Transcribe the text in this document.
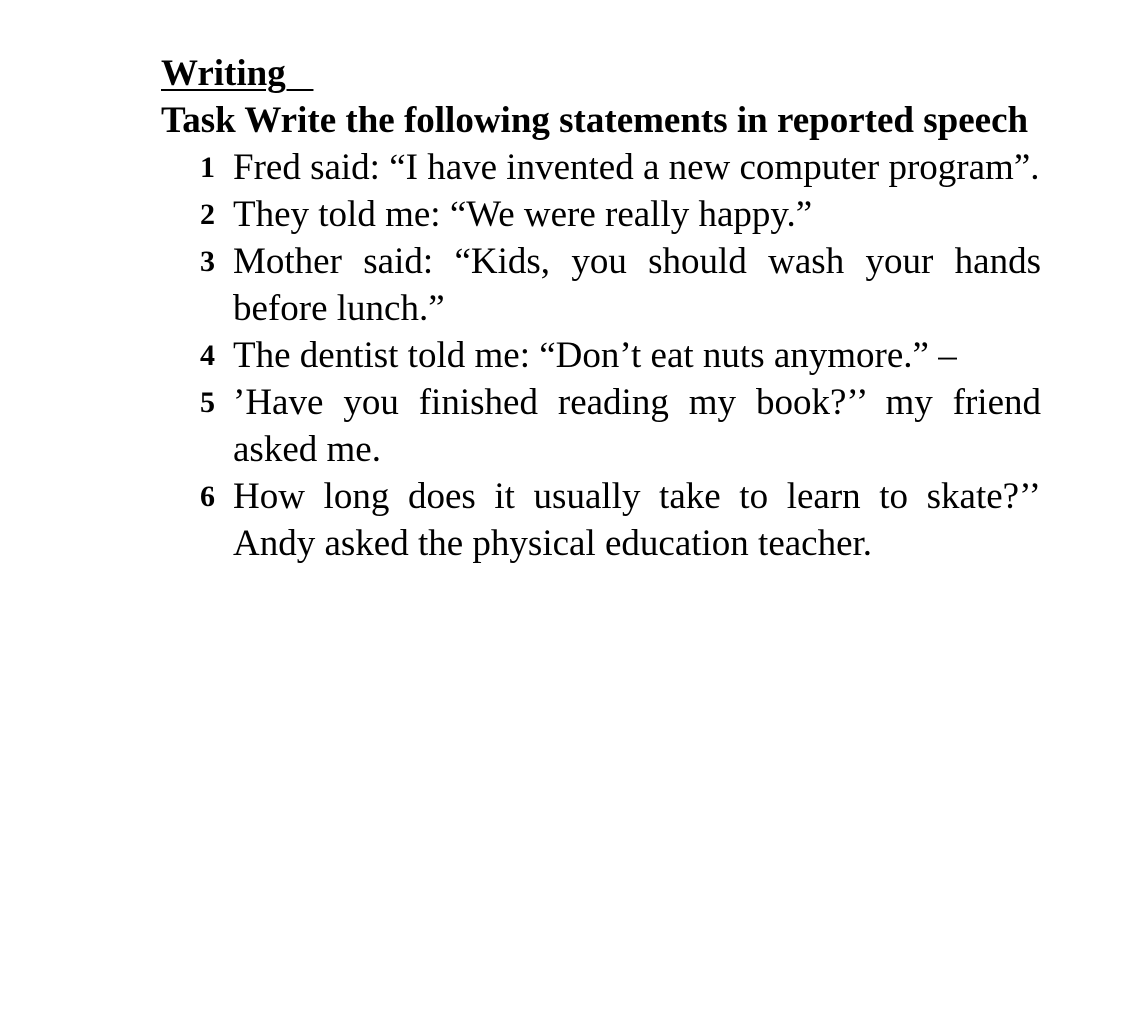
Writing
Task Write the following statements in reported speech
1 Fred said: “I have invented a new computer program”.
2 They told me: “We were really happy.”
3 Mother said: “Kids, you should wash your hands before lunch.”
4 The dentist told me: “Don’t eat nuts anymore.” –
5 ’Have you finished reading my book?’’ my friend asked me.
6 How long does it usually take to learn to skate?’’ Andy asked the physical education teacher.
